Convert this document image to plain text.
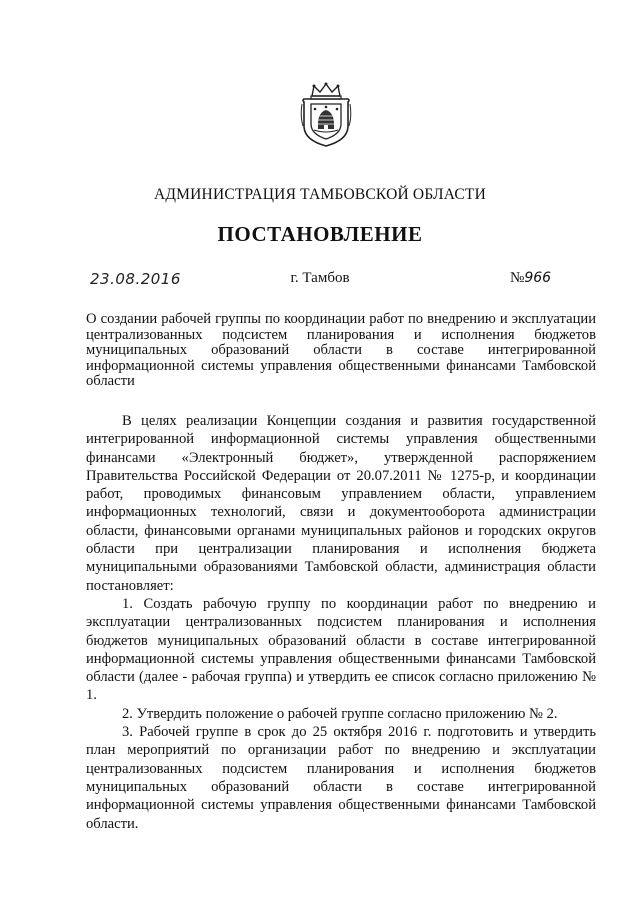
АДМИНИСТРАЦИЯ ТАМБОВСКОЙ ОБЛАСТИ
ПОСТАНОВЛЕНИЕ
23.08.2016	г. Тамбов	№966
О создании рабочей группы по координации работ по внедрению и эксплуатации централизованных подсистем планирования и исполнения бюджетов муниципальных образований области в составе интегрированной информационной системы управления общественными финансами Тамбовской области

В целях реализации Концепции создания и развития государственной интегрированной информационной системы управления общественными финансами «Электронный бюджет», утвержденной распоряжением Правительства Российской Федерации от 20.07.2011 № 1275-р, и координации работ, проводимых финансовым управлением области, управлением информационных технологий, связи и документооборота администрации области, финансовыми органами муниципальных районов и городских округов области при централизации планирования и исполнения бюджета муниципальными образованиями Тамбовской области, администрация области постановляет:

1. Создать рабочую группу по координации работ по внедрению и эксплуатации централизованных подсистем планирования и исполнения бюджетов муниципальных образований области в составе интегрированной информационной системы управления общественными финансами Тамбовской области (далее - рабочая группа) и утвердить ее список согласно приложению № 1.

2. Утвердить положение о рабочей группе согласно приложению № 2.

3. Рабочей группе в срок до 25 октября 2016 г. подготовить и утвердить план мероприятий по организации работ по внедрению и эксплуатации централизованных подсистем планирования и исполнения бюджетов муниципальных образований области в составе интегрированной информационной системы управления общественными финансами Тамбовской области.
